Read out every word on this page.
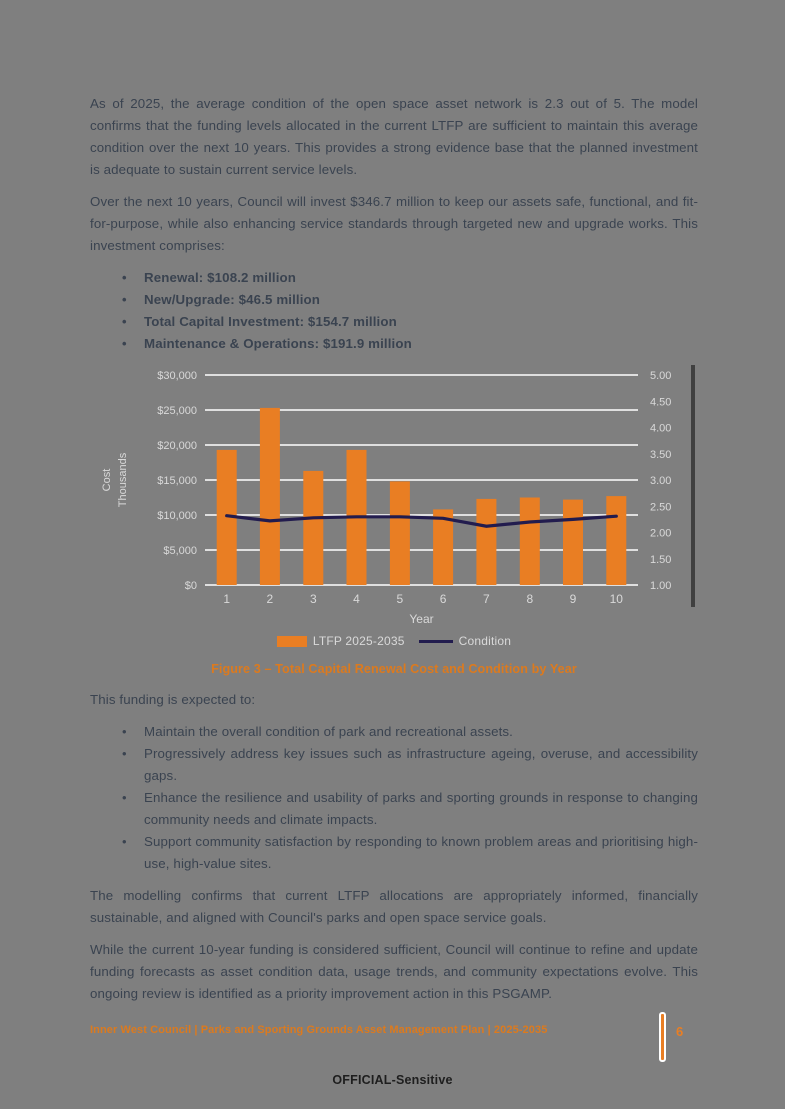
As of 2025, the average condition of the open space asset network is 2.3 out of 5. The model confirms that the funding levels allocated in the current LTFP are sufficient to maintain this average condition over the next 10 years. This provides a strong evidence base that the planned investment is adequate to sustain current service levels.

Over the next 10 years, Council will invest $346.7 million to keep our assets safe, functional, and fit-for-purpose, while also enhancing service standards through targeted new and upgrade works. This investment comprises:

• Renewal: $108.2 million
• New/Upgrade: $46.5 million
• Total Capital Investment: $154.7 million
• Maintenance & Operations: $191.9 million
$0
$5,000
$10,000
$15,000
$20,000
$25,000
$30,000
1.00
1.50
2.00
2.50
3.00
3.50
4.00
4.50
5.00
1	2	3	4	5	6	7	8	9	10
Year
Cost Thousands
LTFP 2025-2035	Condition
Figure 3 – Total Capital Renewal Cost and Condition by Year

This funding is expected to:

• Maintain the overall condition of park and recreational assets.
• Progressively address key issues such as infrastructure ageing, overuse, and accessibility gaps.
• Enhance the resilience and usability of parks and sporting grounds in response to changing community needs and climate impacts.
• Support community satisfaction by responding to known problem areas and prioritising high-use, high-value sites.

The modelling confirms that current LTFP allocations are appropriately informed, financially sustainable, and aligned with Council's parks and open space service goals.

While the current 10-year funding is considered sufficient, Council will continue to refine and update funding forecasts as asset condition data, usage trends, and community expectations evolve. This ongoing review is identified as a priority improvement action in this PSGAMP.

Inner West Council | Parks and Sporting Grounds Asset Management Plan | 2025-2035	6
OFFICIAL-Sensitive
